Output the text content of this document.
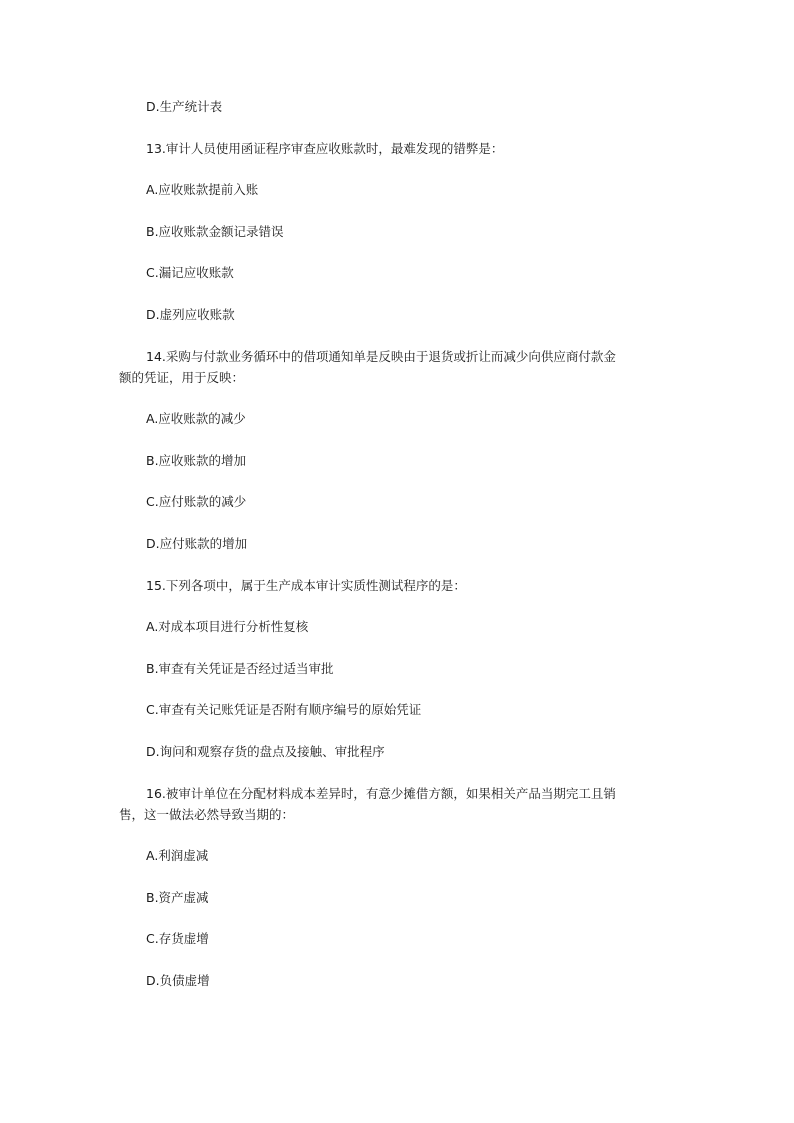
D.生产统计表
13.审计人员使用函证程序审查应收账款时，最难发现的错弊是：
A.应收账款提前入账
B.应收账款金额记录错误
C.漏记应收账款
D.虚列应收账款
14.采购与付款业务循环中的借项通知单是反映由于退货或折让而减少向供应商付款金
额的凭证，用于反映：
A.应收账款的减少
B.应收账款的增加
C.应付账款的减少
D.应付账款的增加
15.下列各项中，属于生产成本审计实质性测试程序的是：
A.对成本项目进行分析性复核
B.审查有关凭证是否经过适当审批
C.审查有关记账凭证是否附有顺序编号的原始凭证
D.询问和观察存货的盘点及接触、审批程序
16.被审计单位在分配材料成本差异时，有意少摊借方额，如果相关产品当期完工且销
售，这一做法必然导致当期的：
A.利润虚减
B.资产虚减
C.存货虚增
D.负债虚增
